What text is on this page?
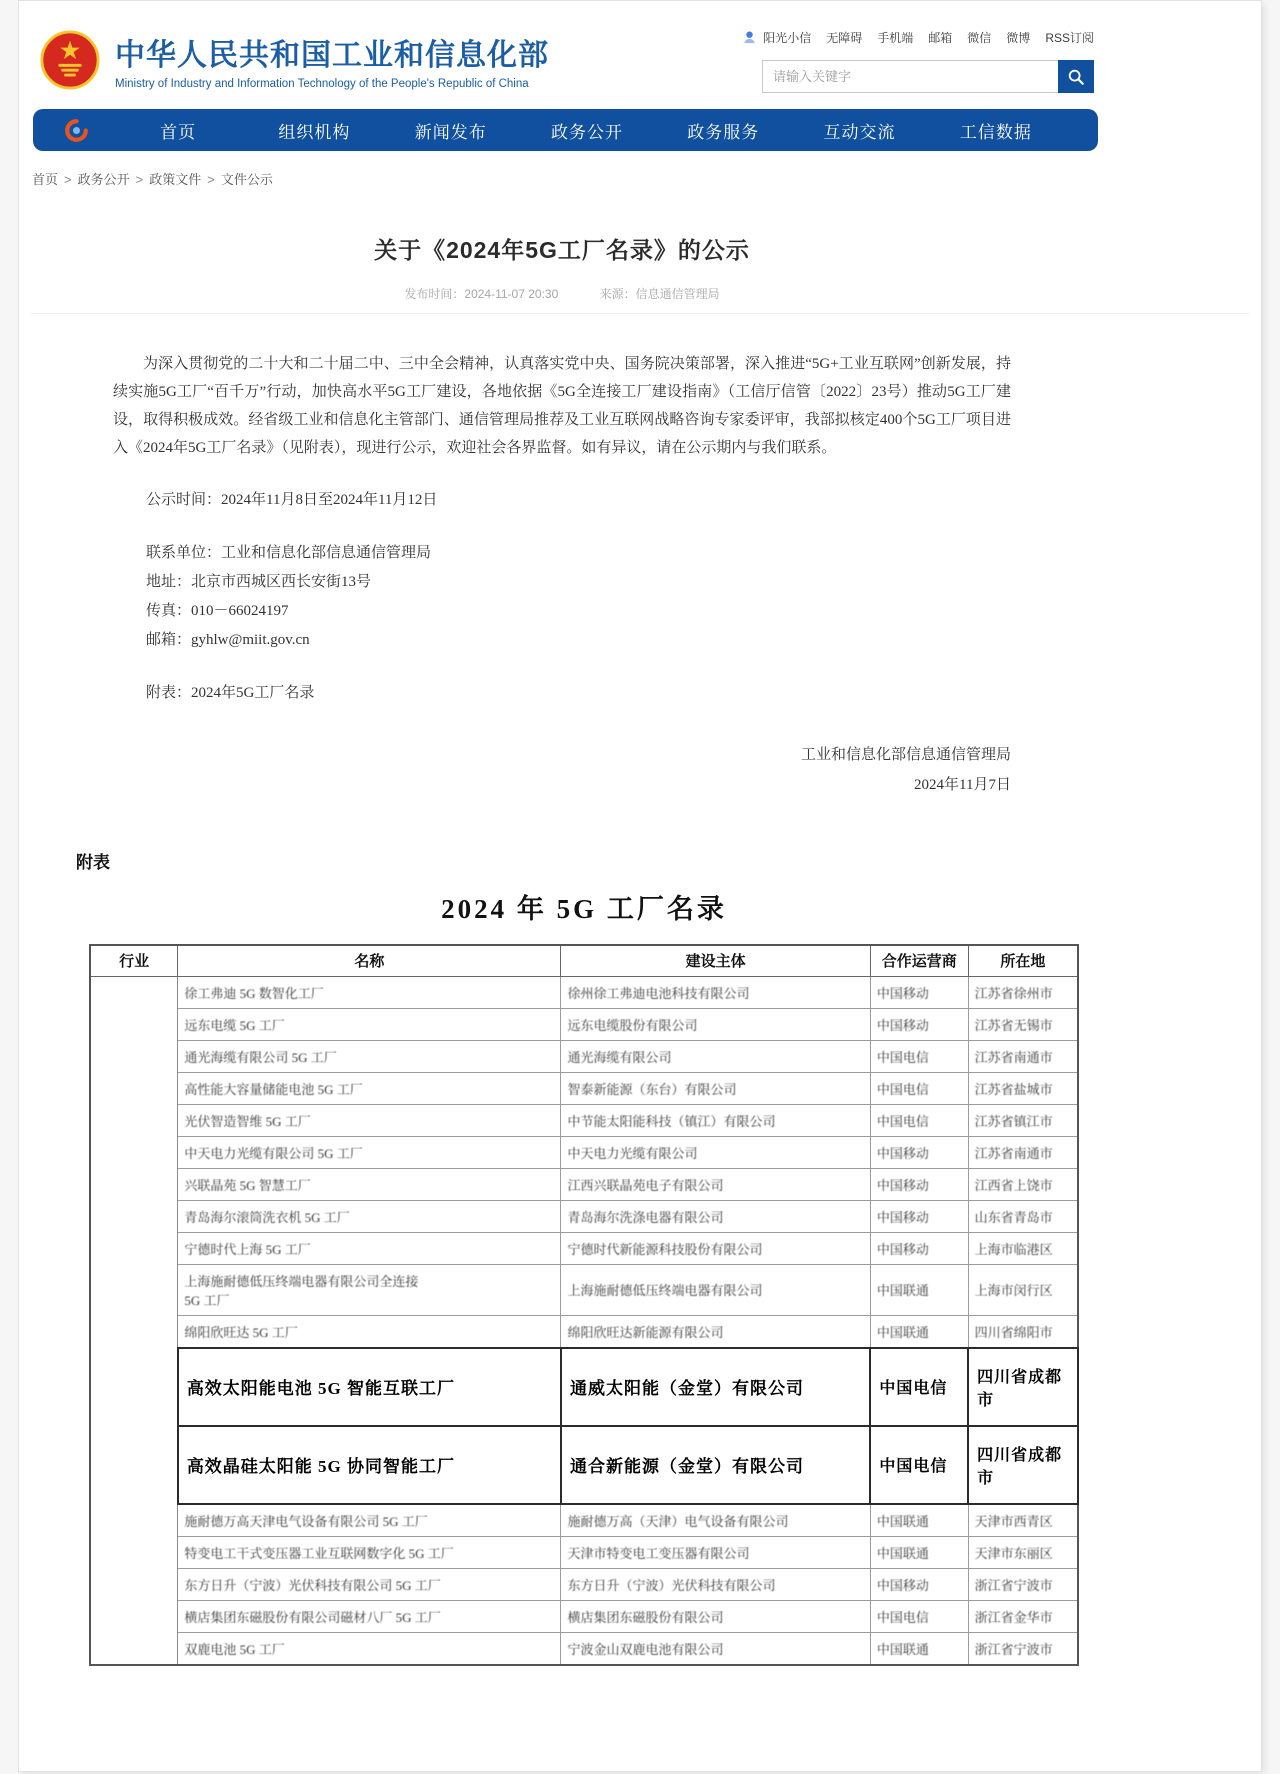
中华人民共和国工业和信息化部
Ministry of Industry and Information Technology of the People's Republic of China
阳光小信 无障碍 手机端 邮箱 微信 微博 RSS订阅
请输入关键字
首页	组织机构	新闻发布	政务公开	政务服务	互动交流	工信数据
首页 > 政务公开 > 政策文件 > 文件公示
关于《2024年5G工厂名录》的公示
发布时间：2024-11-07 20:30	来源：信息通信管理局

为深入贯彻党的二十大和二十届二中、三中全会精神，认真落实党中央、国务院决策部署，深入推进“5G+工业互联网”创新发展，持续实施5G工厂“百千万”行动，加快高水平5G工厂建设，各地依据《5G全连接工厂建设指南》（工信厅信管〔2022〕23号）推动5G工厂建设，取得积极成效。经省级工业和信息化主管部门、通信管理局推荐及工业互联网战略咨询专家委评审，我部拟核定400个5G工厂项目进入《2024年5G工厂名录》（见附表），现进行公示，欢迎社会各界监督。如有异议，请在公示期内与我们联系。

公示时间：2024年11月8日至2024年11月12日

联系单位：工业和信息化部信息通信管理局

地址：北京市西城区西长安街13号

传真：010－66024197

邮箱：gyhlw@miit.gov.cn

附表：2024年5G工厂名录

工业和信息化部信息通信管理局
2024年11月7日
附表
2024 年 5G 工厂名录
行业	名称	建设主体	合作运营商	所在地
	徐工弗迪 5G 数智化工厂	徐州徐工弗迪电池科技有限公司	中国移动	江苏省徐州市
	远东电缆 5G 工厂	远东电缆股份有限公司	中国移动	江苏省无锡市
	通光海缆有限公司 5G 工厂	通光海缆有限公司	中国电信	江苏省南通市
	高性能大容量储能电池 5G 工厂	智泰新能源（东台）有限公司	中国电信	江苏省盐城市
	光伏智造智维 5G 工厂	中节能太阳能科技（镇江）有限公司	中国电信	江苏省镇江市
	中天电力光缆有限公司 5G 工厂	中天电力光缆有限公司	中国移动	江苏省南通市
	兴联晶苑 5G 智慧工厂	江西兴联晶苑电子有限公司	中国移动	江西省上饶市
	青岛海尔滚筒洗衣机 5G 工厂	青岛海尔洗涤电器有限公司	中国移动	山东省青岛市
	宁德时代上海 5G 工厂	宁德时代新能源科技股份有限公司	中国移动	上海市临港区
	上海施耐德低压终端电器有限公司全连接
5G 工厂	上海施耐德低压终端电器有限公司	中国联通	上海市闵行区
	绵阳欣旺达 5G 工厂	绵阳欣旺达新能源有限公司	中国联通	四川省绵阳市
	高效太阳能电池 5G 智能互联工厂	通威太阳能（金堂）有限公司	中国电信	四川省成都市
	高效晶硅太阳能 5G 协同智能工厂	通合新能源（金堂）有限公司	中国电信	四川省成都市
	施耐德万高天津电气设备有限公司 5G 工厂	施耐德万高（天津）电气设备有限公司	中国联通	天津市西青区
	特变电工干式变压器工业互联网数字化 5G 工厂	天津市特变电工变压器有限公司	中国联通	天津市东丽区
	东方日升（宁波）光伏科技有限公司 5G 工厂	东方日升（宁波）光伏科技有限公司	中国移动	浙江省宁波市
	横店集团东磁股份有限公司磁材八厂 5G 工厂	横店集团东磁股份有限公司	中国电信	浙江省金华市
	双鹿电池 5G 工厂	宁波金山双鹿电池有限公司	中国联通	浙江省宁波市
